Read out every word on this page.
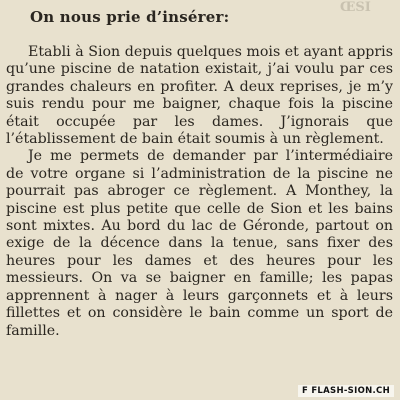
On nous prie d’insérer:
ŒSI

Etabli à Sion depuis quelques mois et ayant appris qu’une piscine de natation existait, j’ai voulu par ces grandes chaleurs en profiter. A deux reprises, je m’y suis rendu pour me baigner, chaque fois la piscine était occupée par les dames. J’ignorais que l’établissement de bain était soumis à un règlement.

Je me permets de demander par l’intermédiaire de votre organe si l’administration de la piscine ne pourrait pas abroger ce règlement. A Monthey, la piscine est plus petite que celle de Sion et les bains sont mixtes. Au bord du lac de Géronde, partout on exige de la décence dans la tenue, sans fixer des heures pour les dames et des heures pour les messieurs. On va se baigner en famille; les papas apprennent à nager à leurs garçonnets et à leurs fillettes et on considère le bain comme un sport de famille.

F FLASH-SION.CH
